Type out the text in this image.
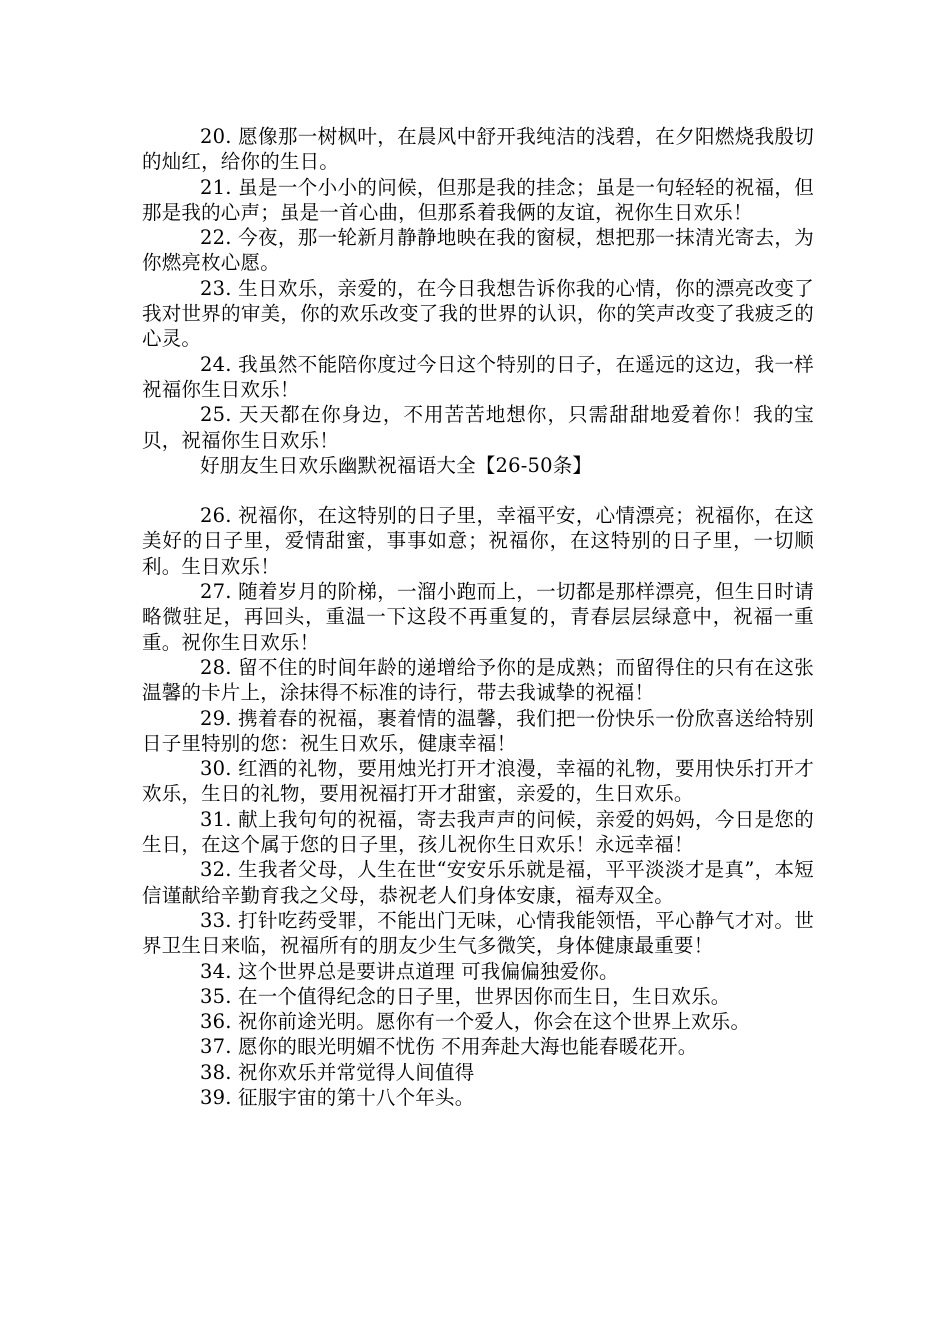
20. 愿像那一树枫叶，在晨风中舒开我纯洁的浅碧，在夕阳燃烧我殷切的灿红，给你的生日。

21. 虽是一个小小的问候，但那是我的挂念；虽是一句轻轻的祝福，但那是我的心声；虽是一首心曲，但那系着我俩的友谊，祝你生日欢乐！

22. 今夜，那一轮新月静静地映在我的窗棂，想把那一抹清光寄去，为你燃亮枚心愿。

23. 生日欢乐，亲爱的，在今日我想告诉你我的心情，你的漂亮改变了我对世界的审美，你的欢乐改变了我的世界的认识，你的笑声改变了我疲乏的心灵。

24. 我虽然不能陪你度过今日这个特别的日子，在遥远的这边，我一样祝福你生日欢乐！

25. 天天都在你身边，不用苦苦地想你，只需甜甜地爱着你！我的宝贝，祝福你生日欢乐！

好朋友生日欢乐幽默祝福语大全【26-50条】

26. 祝福你，在这特别的日子里，幸福平安，心情漂亮；祝福你，在这美好的日子里，爱情甜蜜，事事如意；祝福你，在这特别的日子里，一切顺利。生日欢乐！

27. 随着岁月的阶梯，一溜小跑而上，一切都是那样漂亮，但生日时请略微驻足，再回头，重温一下这段不再重复的，青春层层绿意中，祝福一重重。祝你生日欢乐！

28. 留不住的时间年龄的递增给予你的是成熟；而留得住的只有在这张温馨的卡片上，涂抹得不标准的诗行，带去我诚挚的祝福！

29. 携着春的祝福，裹着情的温馨，我们把一份快乐一份欣喜送给特别日子里特别的您：祝生日欢乐，健康幸福！

30. 红酒的礼物，要用烛光打开才浪漫，幸福的礼物，要用快乐打开才欢乐，生日的礼物，要用祝福打开才甜蜜，亲爱的，生日欢乐。

31. 献上我句句的祝福，寄去我声声的问候，亲爱的妈妈，今日是您的生日，在这个属于您的日子里，孩儿祝你生日欢乐！永远幸福！

32. 生我者父母，人生在世“安安乐乐就是福，平平淡淡才是真”，本短信谨献给辛勤育我之父母，恭祝老人们身体安康，福寿双全。

33. 打针吃药受罪，不能出门无味，心情我能领悟，平心静气才对。世界卫生日来临，祝福所有的朋友少生气多微笑，身体健康最重要！

34. 这个世界总是要讲点道理 可我偏偏独爱你。

35. 在一个值得纪念的日子里，世界因你而生日，生日欢乐。

36. 祝你前途光明。愿你有一个爱人，你会在这个世界上欢乐。

37. 愿你的眼光明媚不忧伤 不用奔赴大海也能春暖花开。

38. 祝你欢乐并常觉得人间值得

39. 征服宇宙的第十八个年头。
